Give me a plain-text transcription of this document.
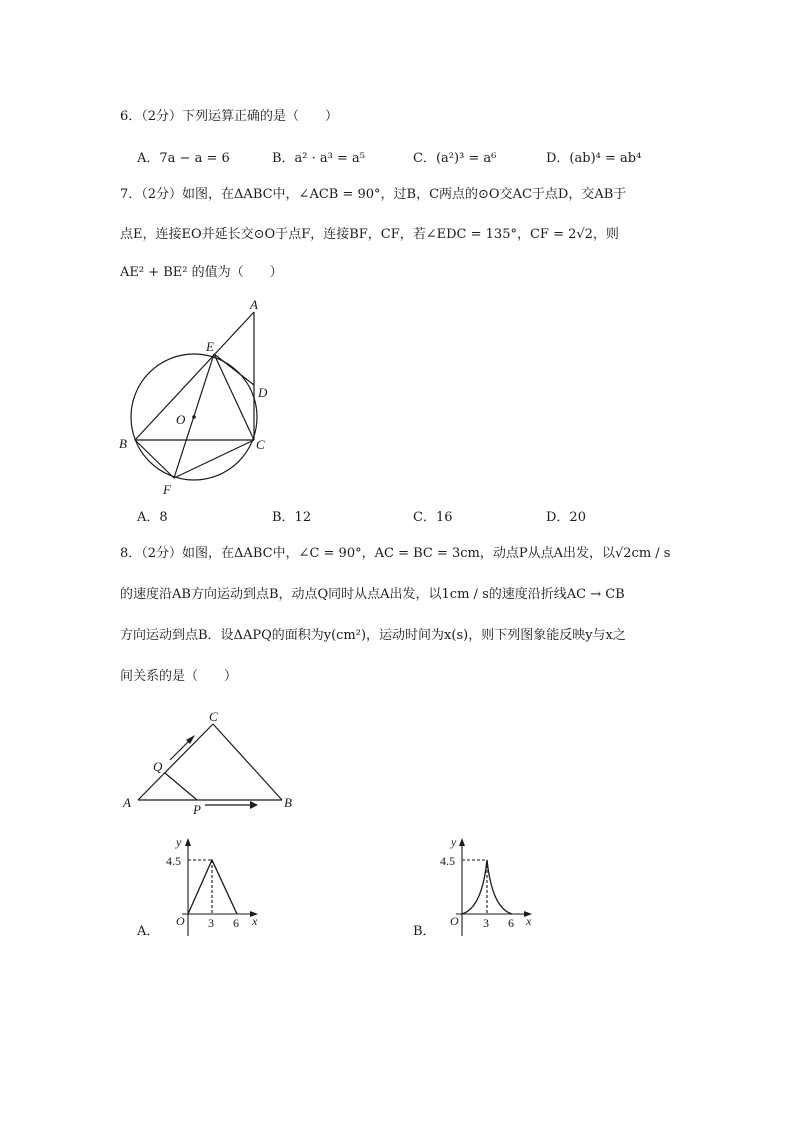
6．（2分）下列运算正确的是（　　）
A．7a − a = 6	B．a² · a³ = a⁵	C．(a²)³ = a⁶	D．(ab)⁴ = ab⁴
7．（2分）如图，在ΔABC中，∠ACB = 90°，过B，C两点的⊙O交AC于点D，交AB于
点E，连接EO并延长交⊙O于点F，连接BF，CF，若∠EDC = 135°，CF = 2√2，则
AE² + BE² 的值为（　　）
A
E
D
O
B	C
F
A．8	B．12	C．16	D．20
8．（2分）如图，在ΔABC中，∠C = 90°，AC = BC = 3cm，动点P从点A出发，以√2cm / s
的速度沿AB方向运动到点B，动点Q同时从点A出发，以1cm / s的速度沿折线AC → CB
方向运动到点B．设ΔAPQ的面积为y(cm²)，运动时间为x(s)，则下列图象能反映y与x之
间关系的是（　　）
C
Q
A	P	B
y
4.5
O 3 6 x
A．
y
4.5
O 3 6 x
B．
